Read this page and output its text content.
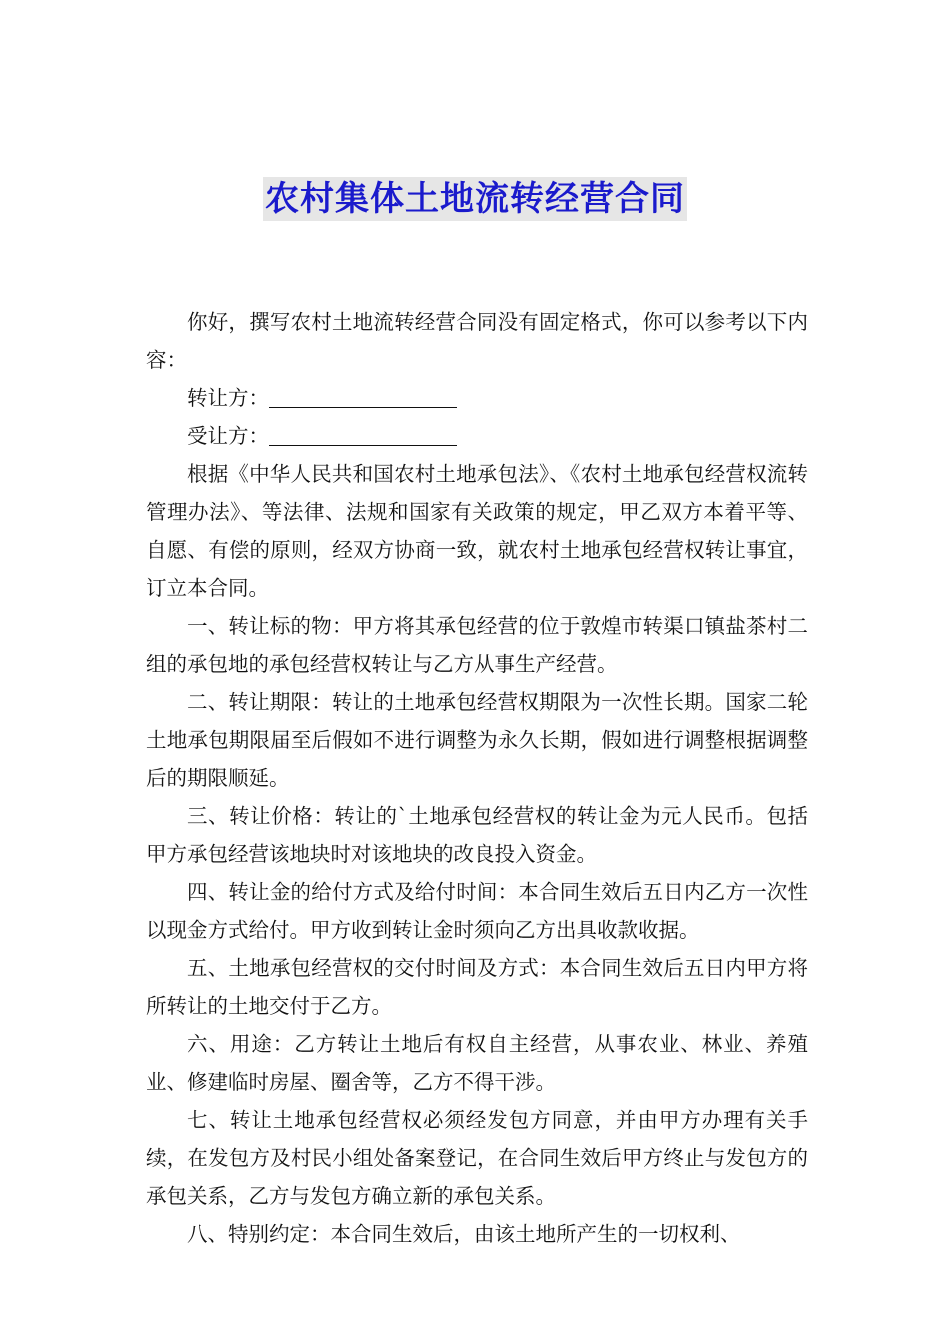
农村集体土地流转经营合同

你好，撰写农村土地流转经营合同没有固定格式，你可以参考以下内容：

转让方：

受让方：

根据《中华人民共和国农村土地承包法》、《农村土地承包经营权流转管理办法》、等法律、法规和国家有关政策的规定，甲乙双方本着平等、自愿、有偿的原则，经双方协商一致，就农村土地承包经营权转让事宜，订立本合同。

一、转让标的物：甲方将其承包经营的位于敦煌市转渠口镇盐茶村二组的承包地的承包经营权转让与乙方从事生产经营。

二、转让期限：转让的土地承包经营权期限为一次性长期。国家二轮土地承包期限届至后假如不进行调整为永久长期，假如进行调整根据调整后的期限顺延。

三、转让价格：转让的`土地承包经营权的转让金为元人民币。包括甲方承包经营该地块时对该地块的改良投入资金。

四、转让金的给付方式及给付时间：本合同生效后五日内乙方一次性以现金方式给付。甲方收到转让金时须向乙方出具收款收据。

五、土地承包经营权的交付时间及方式：本合同生效后五日内甲方将所转让的土地交付于乙方。

六、用途：乙方转让土地后有权自主经营，从事农业、林业、养殖业、修建临时房屋、圈舍等，乙方不得干涉。

七、转让土地承包经营权必须经发包方同意，并由甲方办理有关手续，在发包方及村民小组处备案登记，在合同生效后甲方终止与发包方的承包关系，乙方与发包方确立新的承包关系。

八、特别约定：本合同生效后，由该土地所产生的一切权利、
